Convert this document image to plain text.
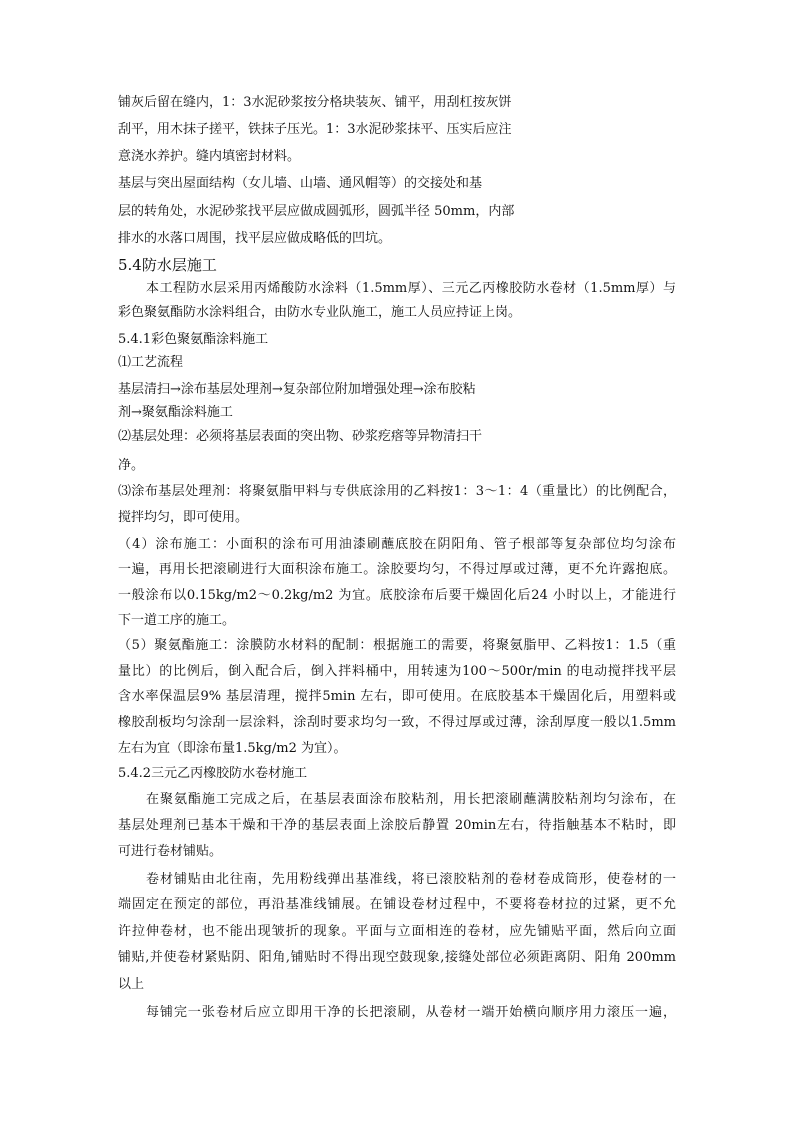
铺灰后留在缝内，1：3水泥砂浆按分格块装灰、铺平，用刮杠按灰饼
刮平，用木抹子搓平，铁抹子压光。1：3水泥砂浆抹平、压实后应注
意浇水养护。缝内填密封材料。
基层与突出屋面结构（女儿墙、山墙、通风帽等）的交接处和基
层的转角处，水泥砂浆找平层应做成圆弧形，圆弧半径 50mm，内部
排水的水落口周围，找平层应做成略低的凹坑。
5.4防水层施工
本工程防水层采用丙烯酸防水涂料（1.5mm厚）、三元乙丙橡胶防水卷材（1.5mm厚）与
彩色聚氨酯防水涂料组合，由防水专业队施工，施工人员应持证上岗。
5.4.1彩色聚氨酯涂料施工
⑴工艺流程
基层清扫→涂布基层处理剂→复杂部位附加增强处理→涂布胶粘
剂→聚氨酯涂料施工
⑵基层处理：必须将基层表面的突出物、砂浆疙瘩等异物清扫干
净。
⑶涂布基层处理剂：将聚氨脂甲料与专供底涂用的乙料按1：3～1：4（重量比）的比例配合，
搅拌均匀，即可使用。
（4）涂布施工：小面积的涂布可用油漆刷蘸底胶在阴阳角、管子根部等复杂部位均匀涂布
一遍，再用长把滚刷进行大面积涂布施工。涂胶要均匀，不得过厚或过薄，更不允许露抱底。
一般涂布以0.15kg/m2～0.2kg/m2 为宜。底胶涂布后要干燥固化后24 小时以上，才能进行
下一道工序的施工。
（5）聚氨酯施工：涂膜防水材料的配制：根据施工的需要，将聚氨脂甲、乙料按1：1.5（重
量比）的比例后，倒入配合后，倒入拌料桶中，用转速为100～500r/min 的电动搅拌找平层
含水率保温层9% 基层清理，搅拌5min 左右，即可使用。在底胶基本干燥固化后，用塑料或
橡胶刮板均匀涂刮一层涂料，涂刮时要求均匀一致，不得过厚或过薄，涂刮厚度一般以1.5mm
左右为宜（即涂布量1.5kg/m2 为宜）。
5.4.2三元乙丙橡胶防水卷材施工
在聚氨酯施工完成之后，在基层表面涂布胶粘剂，用长把滚刷蘸满胶粘剂均匀涂布，在
基层处理剂已基本干燥和干净的基层表面上涂胶后静置 20min左右，待指触基本不粘时，即
可进行卷材铺贴。
卷材铺贴由北往南，先用粉线弹出基准线，将已滚胶粘剂的卷材卷成筒形，使卷材的一
端固定在预定的部位，再沿基准线铺展。在铺设卷材过程中，不要将卷材拉的过紧，更不允
许拉伸卷材，也不能出现皱折的现象。平面与立面相连的卷材，应先铺贴平面，然后向立面
铺贴,并使卷材紧贴阴、阳角,铺贴时不得出现空鼓现象,接缝处部位必须距离阴、阳角 200mm
以上
每铺完一张卷材后应立即用干净的长把滚刷，从卷材一端开始横向顺序用力滚压一遍，
